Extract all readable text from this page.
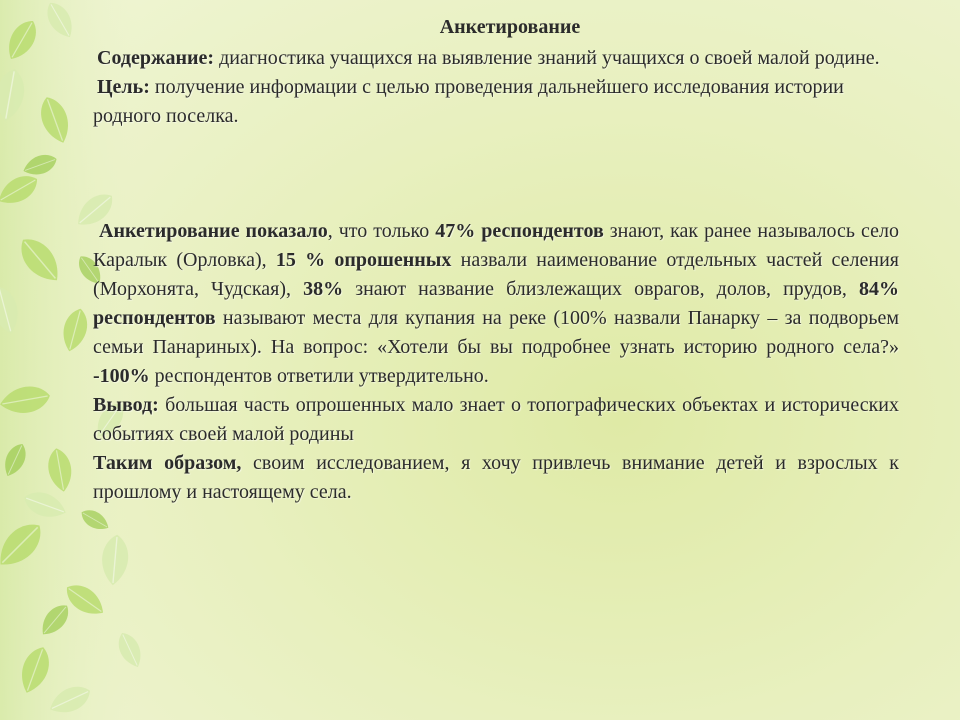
Анкетирование

Содержание: диагностика учащихся на выявление знаний учащихся о своей малой родине.

Цель: получение информации с целью проведения дальнейшего исследования истории родного поселка.

Анкетирование показало, что только 47% респондентов знают, как ранее называлось село Каралык (Орловка), 15 % опрошенных назвали наименование отдельных частей селения (Морхонята, Чудская), 38% знают название близлежащих оврагов, долов, прудов, 84% респондентов называют места для купания на реке (100% назвали Панарку – за подворьем семьи Панариных). На вопрос: «Хотели бы вы подробнее узнать историю родного села?» -100% респондентов ответили утвердительно.

Вывод: большая часть опрошенных мало знает о топографических объектах и исторических событиях своей малой родины

Таким образом, своим исследованием, я хочу привлечь внимание детей и взрослых к прошлому и настоящему села.
